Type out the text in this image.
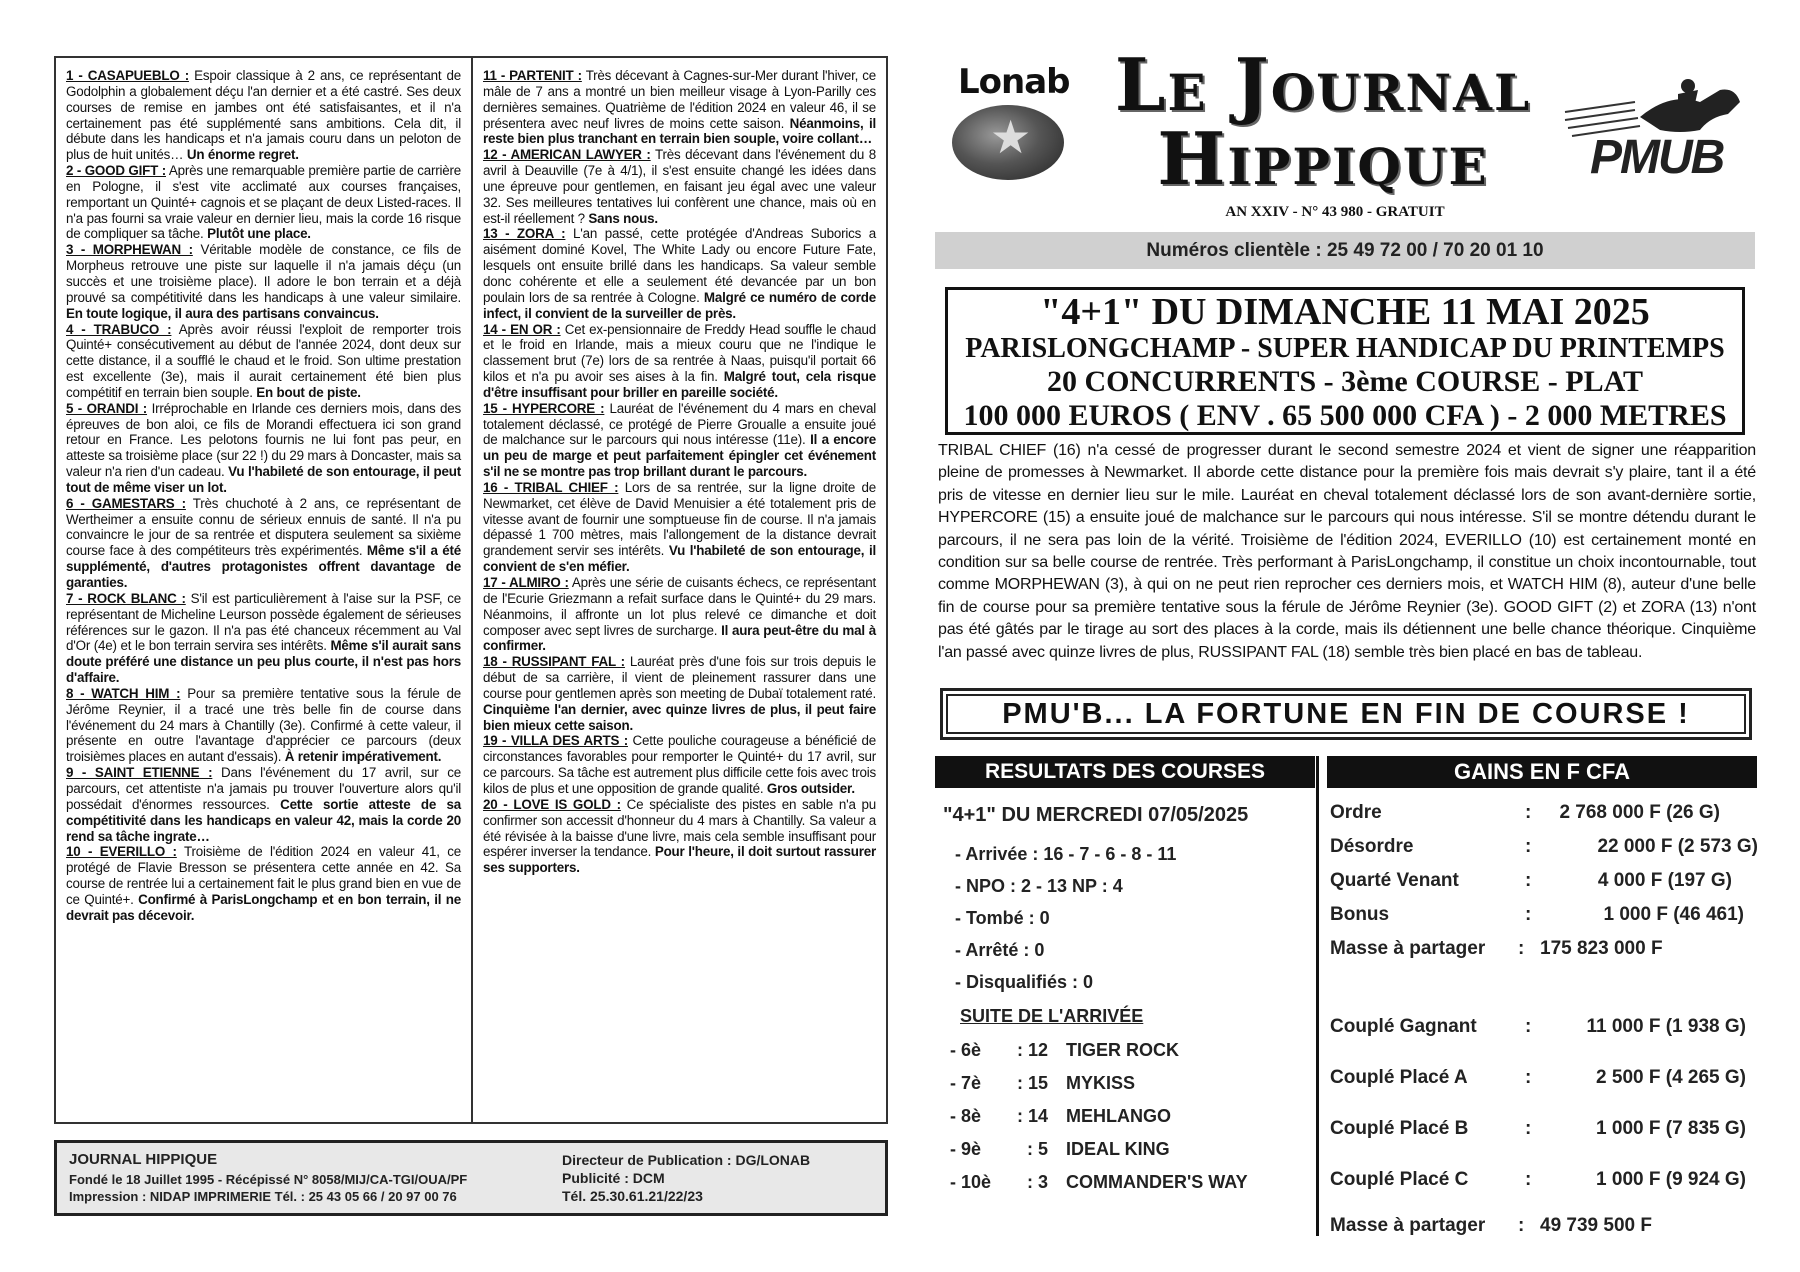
1 - CASAPUEBLO : Espoir classique à 2 ans, ce représentant de Godolphin a globalement déçu l'an dernier et a été castré. Ses deux courses de remise en jambes ont été satisfaisantes, et il n'a certainement pas été supplémenté sans ambitions. Cela dit, il débute dans les handicaps et n'a jamais couru dans un peloton de plus de huit unités… Un énorme regret.

2 - GOOD GIFT : Après une remarquable première partie de carrière en Pologne, il s'est vite acclimaté aux courses françaises, remportant un Quinté+ cagnois et se plaçant de deux Listed-races. Il n'a pas fourni sa vraie valeur en dernier lieu, mais la corde 16 risque de compliquer sa tâche. Plutôt une place.

3 - MORPHEWAN : Véritable modèle de constance, ce fils de Morpheus retrouve une piste sur laquelle il n'a jamais déçu (un succès et une troisième place). Il adore le bon terrain et a déjà prouvé sa compétitivité dans les handicaps à une valeur similaire. En toute logique, il aura des partisans convaincus.

4 - TRABUCO : Après avoir réussi l'exploit de remporter trois Quinté+ consécutivement au début de l'année 2024, dont deux sur cette distance, il a soufflé le chaud et le froid. Son ultime prestation est excellente (3e), mais il aurait certainement été bien plus compétitif en terrain bien souple. En bout de piste.

5 - ORANDI : Irréprochable en Irlande ces derniers mois, dans des épreuves de bon aloi, ce fils de Morandi effectuera ici son grand retour en France. Les pelotons fournis ne lui font pas peur, en atteste sa troisième place (sur 22 !) du 29 mars à Doncaster, mais sa valeur n'a rien d'un cadeau. Vu l'habileté de son entourage, il peut tout de même viser un lot.

6 - GAMESTARS : Très chuchoté à 2 ans, ce représentant de Wertheimer a ensuite connu de sérieux ennuis de santé. Il n'a pu convaincre le jour de sa rentrée et disputera seulement sa sixième course face à des compétiteurs très expérimentés. Même s'il a été supplémenté, d'autres protagonistes offrent davantage de garanties.

7 - ROCK BLANC : S'il est particulièrement à l'aise sur la PSF, ce représentant de Micheline Leurson possède également de sérieuses références sur le gazon. Il n'a pas été chanceux récemment au Val d'Or (4e) et le bon terrain servira ses intérêts. Même s'il aurait sans doute préféré une distance un peu plus courte, il n'est pas hors d'affaire.

8 - WATCH HIM : Pour sa première tentative sous la férule de Jérôme Reynier, il a tracé une très belle fin de course dans l'événement du 24 mars à Chantilly (3e). Confirmé à cette valeur, il présente en outre l'avantage d'apprécier ce parcours (deux troisièmes places en autant d'essais). À retenir impérativement.

9 - SAINT ETIENNE : Dans l'événement du 17 avril, sur ce parcours, cet attentiste n'a jamais pu trouver l'ouverture alors qu'il possédait d'énormes ressources. Cette sortie atteste de sa compétitivité dans les handicaps en valeur 42, mais la corde 20 rend sa tâche ingrate…

10 - EVERILLO : Troisième de l'édition 2024 en valeur 41, ce protégé de Flavie Bresson se présentera cette année en 42. Sa course de rentrée lui a certainement fait le plus grand bien en vue de ce Quinté+. Confirmé à ParisLongchamp et en bon terrain, il ne devrait pas décevoir.

11 - PARTENIT : Très décevant à Cagnes-sur-Mer durant l'hiver, ce mâle de 7 ans a montré un bien meilleur visage à Lyon-Parilly ces dernières semaines. Quatrième de l'édition 2024 en valeur 46, il se présentera avec neuf livres de moins cette saison. Néanmoins, il reste bien plus tranchant en terrain bien souple, voire collant…

12 - AMERICAN LAWYER : Très décevant dans l'événement du 8 avril à Deauville (7e à 4/1), il s'est ensuite changé les idées dans une épreuve pour gentlemen, en faisant jeu égal avec une valeur 32. Ses meilleures tentatives lui confèrent une chance, mais où en est-il réellement ? Sans nous.

13 - ZORA : L'an passé, cette protégée d'Andreas Suborics a aisément dominé Kovel, The White Lady ou encore Future Fate, lesquels ont ensuite brillé dans les handicaps. Sa valeur semble donc cohérente et elle a seulement été devancée par un bon poulain lors de sa rentrée à Cologne. Malgré ce numéro de corde infect, il convient de la surveiller de près.

14 - EN OR : Cet ex-pensionnaire de Freddy Head souffle le chaud et le froid en Irlande, mais a mieux couru que ne l'indique le classement brut (7e) lors de sa rentrée à Naas, puisqu'il portait 66 kilos et n'a pu avoir ses aises à la fin. Malgré tout, cela risque d'être insuffisant pour briller en pareille société.

15 - HYPERCORE : Lauréat de l'événement du 4 mars en cheval totalement déclassé, ce protégé de Pierre Groualle a ensuite joué de malchance sur le parcours qui nous intéresse (11e). Il a encore un peu de marge et peut parfaitement épingler cet événement s'il ne se montre pas trop brillant durant le parcours.

16 - TRIBAL CHIEF : Lors de sa rentrée, sur la ligne droite de Newmarket, cet élève de David Menuisier a été totalement pris de vitesse avant de fournir une somptueuse fin de course. Il n'a jamais dépassé 1 700 mètres, mais l'allongement de la distance devrait grandement servir ses intérêts. Vu l'habileté de son entourage, il convient de s'en méfier.

17 - ALMIRO : Après une série de cuisants échecs, ce représentant de l'Ecurie Griezmann a refait surface dans le Quinté+ du 29 mars. Néanmoins, il affronte un lot plus relevé ce dimanche et doit composer avec sept livres de surcharge. Il aura peut-être du mal à confirmer.

18 - RUSSIPANT FAL : Lauréat près d'une fois sur trois depuis le début de sa carrière, il vient de pleinement rassurer dans une course pour gentlemen après son meeting de Dubaï totalement raté. Cinquième l'an dernier, avec quinze livres de plus, il peut faire bien mieux cette saison.

19 - VILLA DES ARTS : Cette pouliche courageuse a bénéficié de circonstances favorables pour remporter le Quinté+ du 17 avril, sur ce parcours. Sa tâche est autrement plus difficile cette fois avec trois kilos de plus et une opposition de grande qualité. Gros outsider.

20 - LOVE IS GOLD : Ce spécialiste des pistes en sable n'a pu confirmer son accessit d'honneur du 4 mars à Chantilly. Sa valeur a été révisée à la baisse d'une livre, mais cela semble insuffisant pour espérer inverser la tendance. Pour l'heure, il doit surtout rassurer ses supporters.

JOURNAL HIPPIQUE
Fondé le 18 Juillet 1995 - Récépissé N° 8058/MIJ/CA-TGI/OUA/PF
Impression : NIDAP IMPRIMERIE Tél. : 25 43 05 66 / 20 97 00 76
Directeur de Publication : DG/LONAB
Publicité : DCM
Tél. 25.30.61.21/22/23
★
Lonab Le Journal
Hippique
AN XXIV - N° 43 980 - GRATUIT
PMUB
Numéros clientèle : 25 49 72 00 / 70 20 01 10
"4+1" DU DIMANCHE 11 MAI 2025
PARISLONGCHAMP - SUPER HANDICAP DU PRINTEMPS
20 CONCURRENTS - 3ème COURSE - PLAT
100 000 EUROS ( ENV . 65 500 000 CFA ) - 2 000 METRES
TRIBAL CHIEF (16) n'a cessé de progresser durant le second semestre 2024 et vient de signer une réapparition pleine de promesses à Newmarket. Il aborde cette distance pour la première fois mais devrait s'y plaire, tant il a été pris de vitesse en dernier lieu sur le mile. Lauréat en cheval totalement déclassé lors de son avant-dernière sortie, HYPERCORE (15) a ensuite joué de malchance sur le parcours qui nous intéresse. S'il se montre détendu durant le parcours, il ne sera pas loin de la vérité. Troisième de l'édition 2024, EVERILLO (10) est certainement monté en condition sur sa belle course de rentrée. Très performant à ParisLongchamp, il constitue un choix incontournable, tout comme MORPHEWAN (3), à qui on ne peut rien reprocher ces derniers mois, et WATCH HIM (8), auteur d'une belle fin de course pour sa première tentative sous la férule de Jérôme Reynier (3e). GOOD GIFT (2) et ZORA (13) n'ont pas été gâtés par le tirage au sort des places à la corde, mais ils détiennent une belle chance théorique. Cinquième l'an passé avec quinze livres de plus, RUSSIPANT FAL (18) semble très bien placé en bas de tableau.
PMU'B... LA FORTUNE EN FIN DE COURSE !
RESULTATS DES COURSES	GAINS EN F CFA
"4+1" DU MERCREDI 07/05/2025
- Arrivée : 16 - 7 - 6 - 8 - 11
- NPO : 2 - 13 NP : 4
- Tombé : 0
- Arrêté : 0
- Disqualifiés : 0
SUITE DE L'ARRIVÉE
- 6è	: 12 TIGER ROCK
- 7è	: 15 MYKISS
- 8è	: 14 MEHLANGO
- 9è	: 5 IDEAL KING
- 10è	: 3 COMMANDER'S WAY
Ordre	: 2 768 000 F (26 G)
Désordre	:	22 000 F (2 573 G)
Quarté Venant	:	4 000 F (197 G)
Bonus	:	1 000 F (46 461)
Masse à partager : 175 823 000 F
Couplé Gagnant	:	11 000 F (1 938 G)
Couplé Placé A	:	2 500 F (4 265 G)
Couplé Placé B	:	1 000 F (7 835 G)
Couplé Placé C	:	1 000 F (9 924 G)
Masse à partager : 49 739 500 F
